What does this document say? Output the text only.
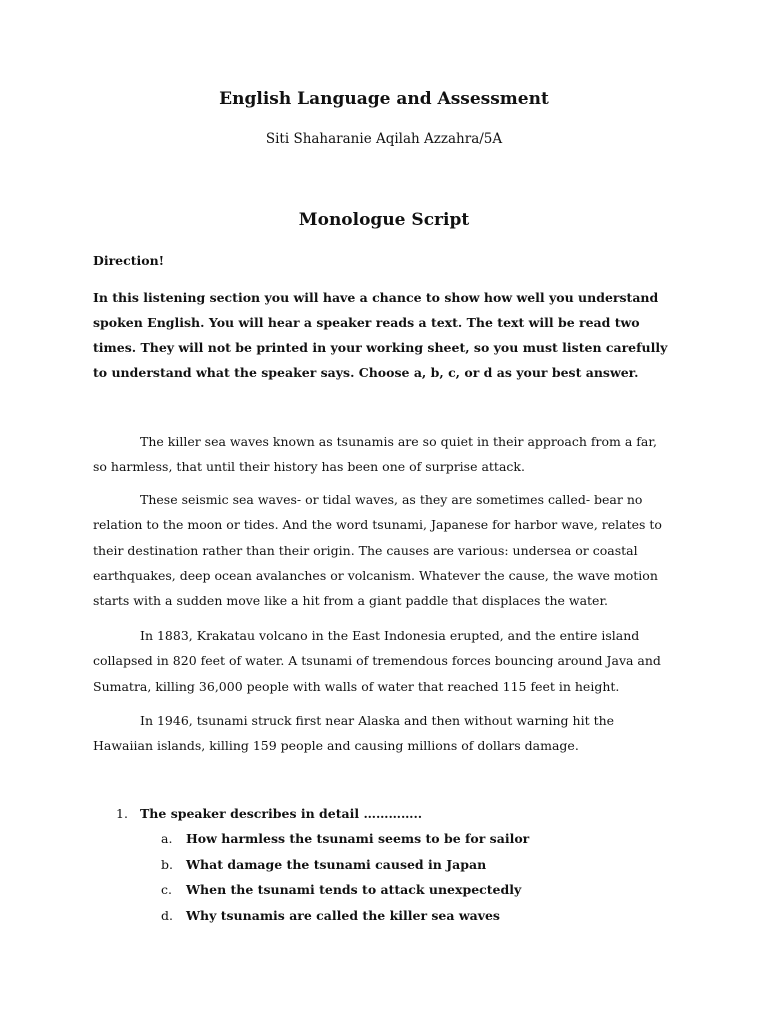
English Language and Assessment

Siti Shaharanie Aqilah Azzahra/5A

Monologue Script

Direction!

In this listening section you will have a chance to show how well you understand spoken English. You will hear a speaker reads a text. The text will be read two times. They will not be printed in your working sheet, so you must listen carefully to understand what the speaker says. Choose a, b, c, or d as your best answer.

The killer sea waves known as tsunamis are so quiet in their approach from a far, so harmless, that until their history has been one of surprise attack.

These seismic sea waves- or tidal waves, as they are sometimes called- bear no relation to the moon or tides. And the word tsunami, Japanese for harbor wave, relates to their destination rather than their origin. The causes are various: undersea or coastal earthquakes, deep ocean avalanches or volcanism. Whatever the cause, the wave motion starts with a sudden move like a hit from a giant paddle that displaces the water.

In 1883, Krakatau volcano in the East Indonesia erupted, and the entire island collapsed in 820 feet of water. A tsunami of tremendous forces bouncing around Java and Sumatra, killing 36,000 people with walls of water that reached 115 feet in height.

In 1946, tsunami struck first near Alaska and then without warning hit the Hawaiian islands, killing 159 people and causing millions of dollars damage.

1. The speaker describes in detail …………..
a.	How harmless the tsunami seems to be for sailor
b.	What damage the tsunami caused in Japan
c.	When the tsunami tends to attack unexpectedly
d.	Why tsunamis are called the killer sea waves
